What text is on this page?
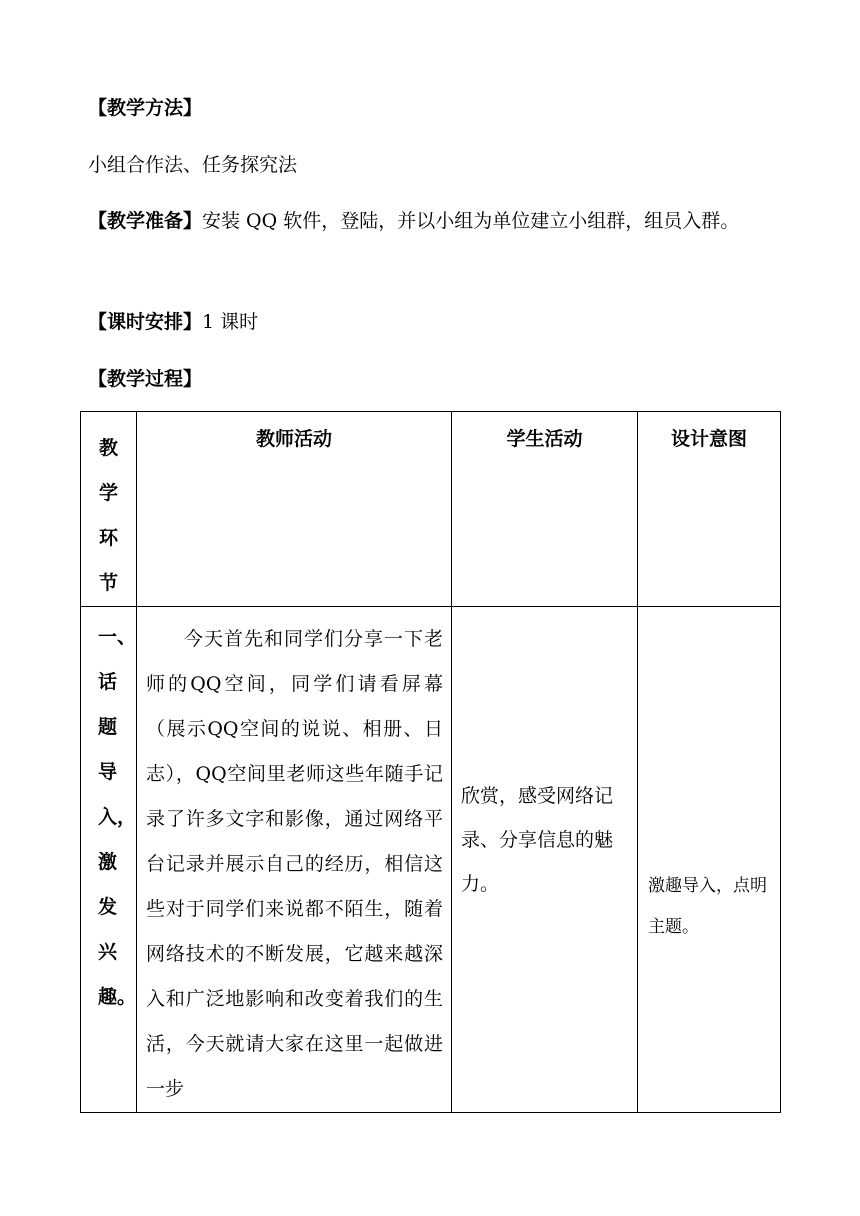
【教学方法】
小组合作法、任务探究法
【教学准备】安装 QQ 软件，登陆，并以小组为单位建立小组群，组员入群。
【课时安排】1 课时
【教学过程】
教学环节	教师活动	学生活动	设计意图

一、话题导入，激发兴趣。	今天首先和同学们分享一下老师的QQ空间，同学们请看屏幕（展示QQ空间的说说、相册、日志），QQ空间里老师这些年随手记录了许多文字和影像，通过网络平台记录并展示自己的经历，相信这些对于同学们来说都不陌生，随着网络技术的不断发展，它越来越深入和广泛地影响和改变着我们的生活，今天就请大家在这里一起做进一步	欣赏，感受网络记录、分享信息的魅力。	激趣导入，点明主题。
